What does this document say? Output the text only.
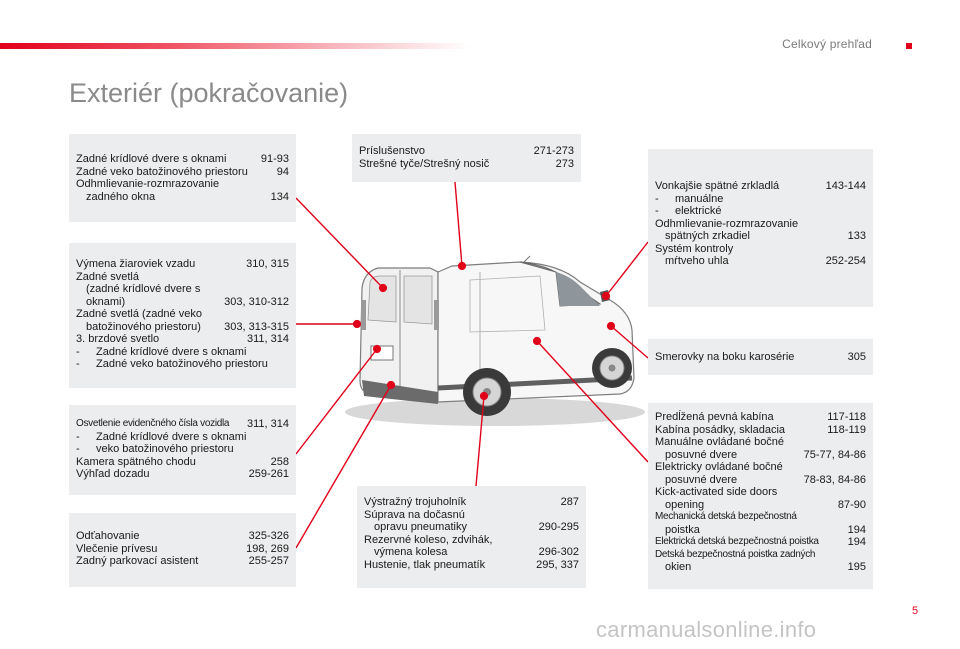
Celkový prehľad
Exteriér (pokračovanie)
Zadné krídlové dvere s oknami	91-93
Zadné veko batožinového priestoru	94
Odhmlievanie-rozmrazovanie
zadného okna	134
Výmena žiaroviek vzadu	310, 315
Zadné svetlá
(zadné krídlové dvere s
oknami)	303, 310-312
Zadné svetlá (zadné veko
batožinového priestoru)	303, 313-315
3. brzdové svetlo	311, 314
-	Zadné krídlové dvere s oknami
-	Zadné veko batožinového priestoru
Osvetlenie evidenčného čísla vozidla	311, 314
-	Zadné krídlové dvere s oknami
-	veko batožinového priestoru
Kamera spätného chodu	258
Výhľad dozadu	259-261
Odťahovanie	325-326
Vlečenie prívesu	198, 269
Zadný parkovací asistent	255-257
Príslušenstvo	271-273
Strešné tyče/Strešný nosič	273
Výstražný trojuholník	287
Súprava na dočasnú
opravu pneumatiky	290-295
Rezervné koleso, zdvihák,
výmena kolesa	296-302
Hustenie, tlak pneumatík	295, 337
Vonkajšie spätné zrkladlá	143-144
-	manuálne
-	elektrické
Odhmlievanie-rozmrazovanie
spätných zrkadiel	133
Systém kontroly
mŕtveho uhla	252-254
Smerovky na boku karosérie	305
Predĺžená pevná kabína	117-118
Kabína posádky, skladacia	118-119
Manuálne ovládané bočné
posuvné dvere	75-77, 84-86
Elektricky ovládané bočné
posuvné dvere	78-83, 84-86
Kick-activated side doors
opening	87-90
Mechanická detská bezpečnostná
poistka	194
Elektrická detská bezpečnostná poistka	194
Detská bezpečnostná poistka zadných
okien	195
5
carmanualsonline.info
